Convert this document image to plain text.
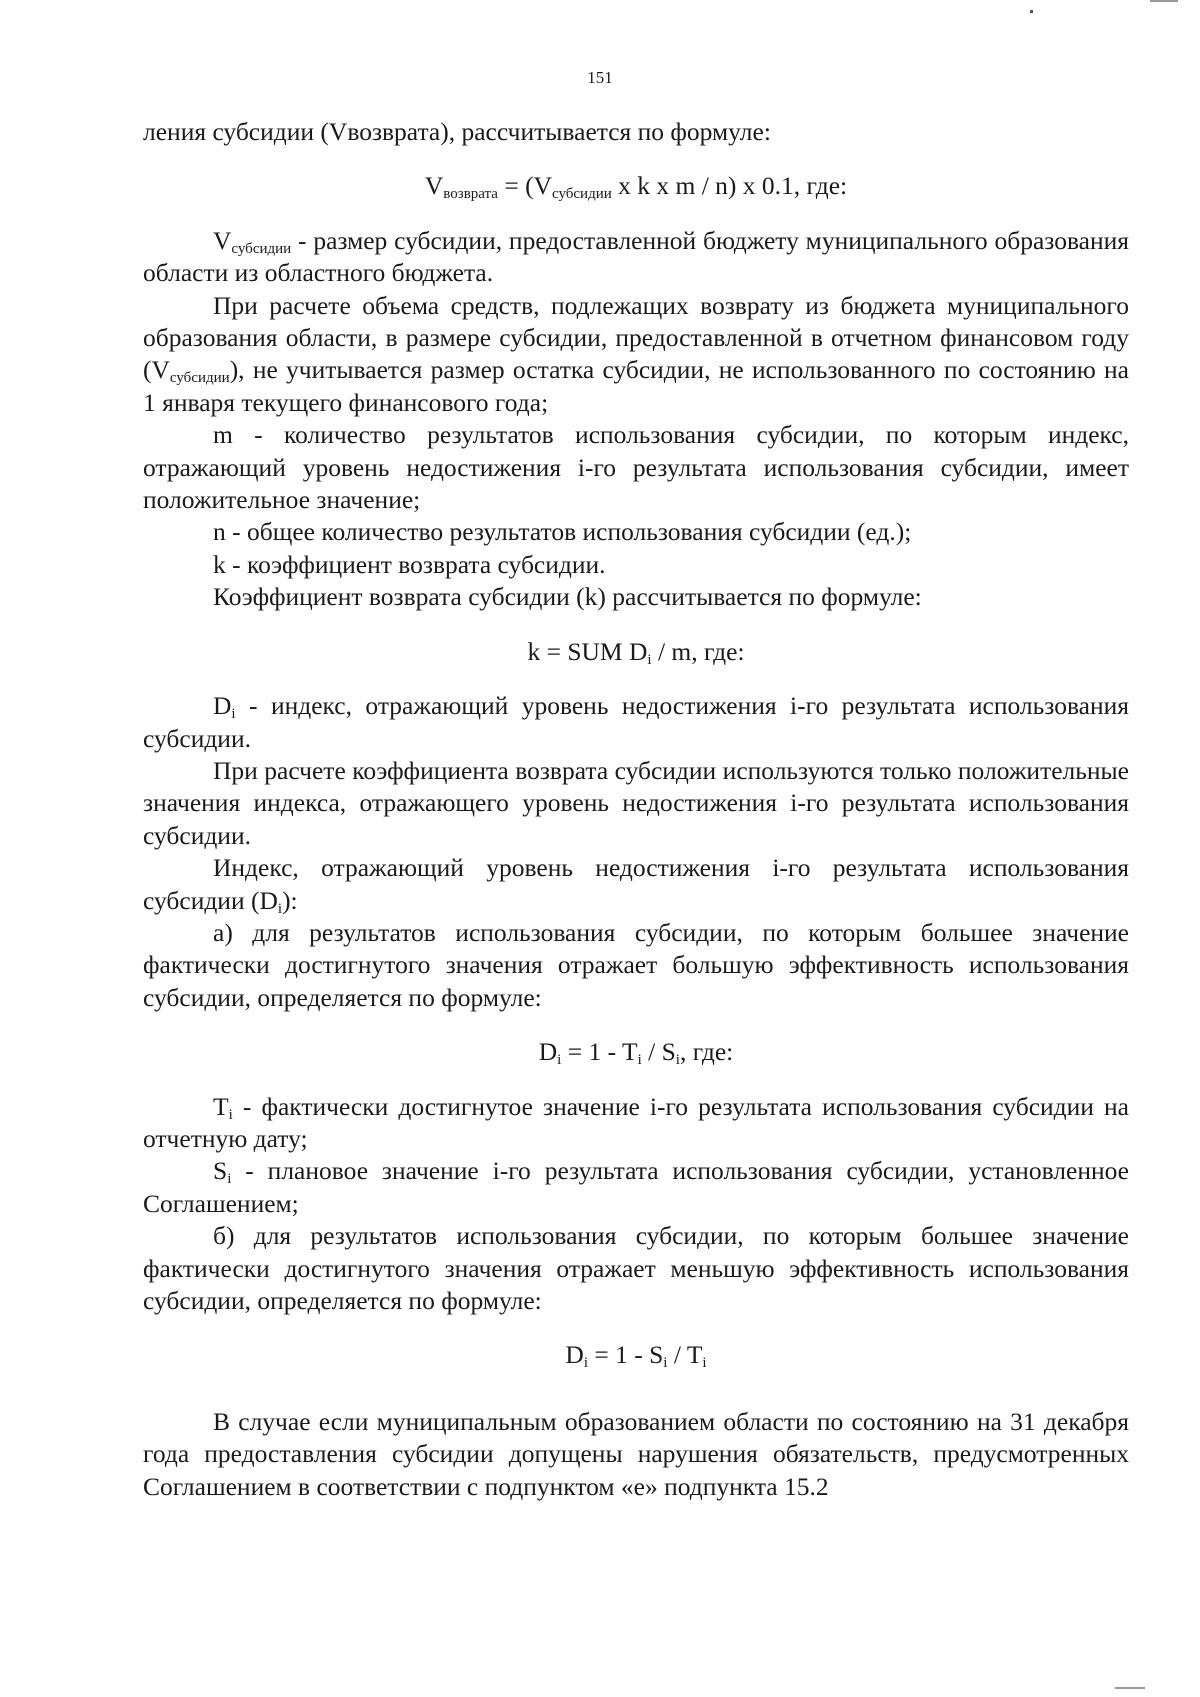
151

ления субсидии (Vвозврата), рассчитывается по формуле:

$V_{возврата} = (V_{субсидии}$ x k x m / n) x 0.1, где:

$V_{субсидии}$ - размер субсидии, предоставленной бюджету муниципального образования области из областного бюджета.

При расчете объема средств, подлежащих возврату из бюджета муниципального образования области, в размере субсидии, предоставленной в отчетном финансовом году $(V_{субсидии})$, не учитывается размер остатка субсидии, не использованного по состоянию на 1 января текущего финансового года;

m - количество результатов использования субсидии, по которым индекс, отражающий уровень недостижения i-го результата использования субсидии, имеет положительное значение;

n - общее количество результатов использования субсидии (ед.);

k - коэффициент возврата субсидии.

Коэффициент возврата субсидии (k) рассчитывается по формуле:

k = SUM $D_i$ / m, где:

$D_i$ - индекс, отражающий уровень недостижения i-го результата использования субсидии.

При расчете коэффициента возврата субсидии используются только положительные значения индекса, отражающего уровень недостижения i-го результата использования субсидии.

Индекс, отражающий уровень недостижения i-го результата использования субсидии $(D_i)$:

а) для результатов использования субсидии, по которым большее значение фактически достигнутого значения отражает большую эффективность использования субсидии, определяется по формуле:

$D_i = 1 - T_i / S_i$, где:

$T_i$ - фактически достигнутое значение i-го результата использования субсидии на отчетную дату;

$S_i$ - плановое значение i-го результата использования субсидии, установленное Соглашением;

б) для результатов использования субсидии, по которым большее значение фактически достигнутого значения отражает меньшую эффективность использования субсидии, определяется по формуле:

$D_i = 1 - S_i / T_i$

В случае если муниципальным образованием области по состоянию на 31 декабря года предоставления субсидии допущены нарушения обязательств, предусмотренных Соглашением в соответствии с подпунктом «е» подпункта 15.2
